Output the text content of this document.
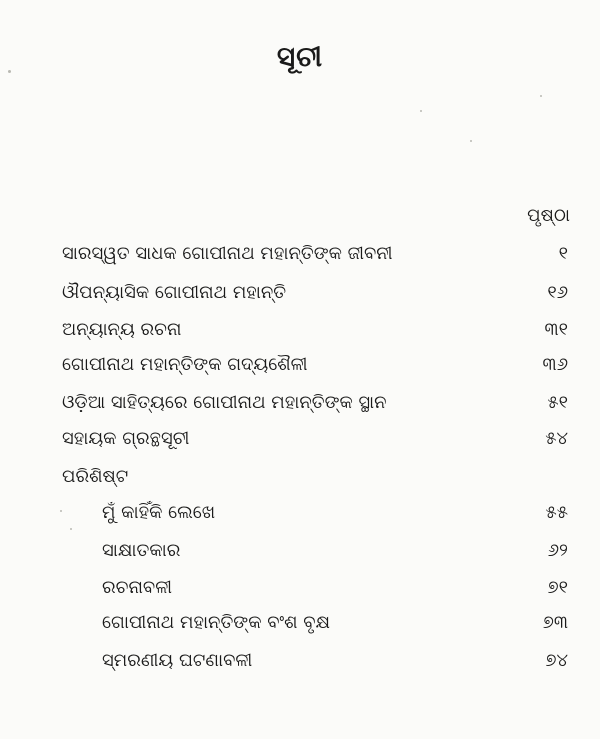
ସୂଚୀ
ପୃଷ୍ଠା
ସାରସ୍ୱତ ସାଧକ ଗୋପୀନାଥ ମହାନ୍ତିଙ୍କ ଜୀବନୀ	୧
ଔପନ୍ୟାସିକ ଗୋପୀନାଥ ମହାନ୍ତି	୧୬
ଅନ୍ୟାନ୍ୟ ରଚନା	୩୧
ଗୋପୀନାଥ ମହାନ୍ତିଙ୍କ ଗଦ୍ୟଶୈଳୀ	୩୬
ଓଡ଼ିଆ ସାହିତ୍ୟରେ ଗୋପୀନାଥ ମହାନ୍ତିଙ୍କ ସ୍ଥାନ	୫୧
ସହାୟକ ଗ୍ରନ୍ଥସୂଚୀ	୫୪
ପରିଶିଷ୍ଟ
ମୁଁ କାହିଁକି ଲେଖେ	୫୫
ସାକ୍ଷାତକାର	୬୨
ରଚନାବଳୀ	୭୧
ଗୋପୀନାଥ ମହାନ୍ତିଙ୍କ ବଂଶ ବୃକ୍ଷ	୭୩
ସ୍ମରଣୀୟ ଘଟଣାବଳୀ	୭୪
